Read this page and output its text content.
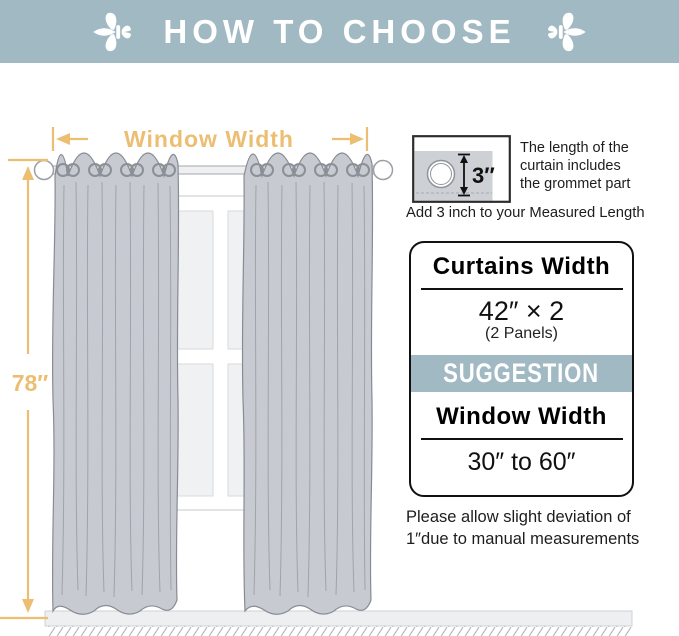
Window Width
78″
HOW TO CHOOSE
3″
The length of the
curtain includes
the grommet part
Add 3 inch to your Measured Length
Curtains Width
42″ × 2
(2 Panels)
SUGGESTION
Window Width
30″ to 60″
Please allow slight deviation of
1″due to manual measurements
